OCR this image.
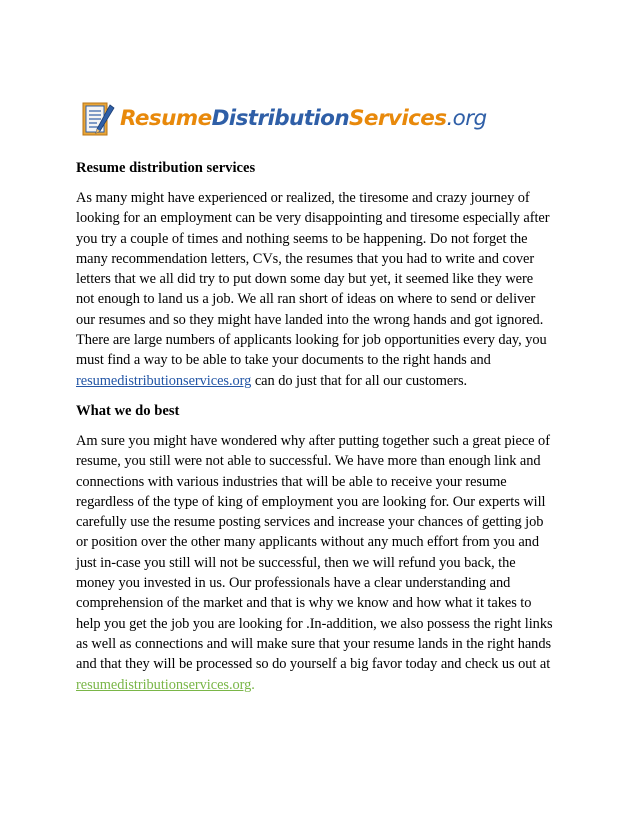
ResumeDistributionServices.org
Resume distribution services
As many might have experienced or realized, the tiresome and crazy journey of
looking for an employment can be very disappointing and tiresome especially after
you try a couple of times and nothing seems to be happening. Do not forget the
many recommendation letters, CVs, the resumes that you had to write and cover
letters that we all did try to put down some day but yet, it seemed like they were
not enough to land us a job. We all ran short of ideas on where to send or deliver
our resumes and so they might have landed into the wrong hands and got ignored.
There are large numbers of applicants looking for job opportunities every day, you
must find a way to be able to take your documents to the right hands and
resumedistributionservices.org can do just that for all our customers.
What we do best
Am sure you might have wondered why after putting together such a great piece of
resume, you still were not able to successful. We have more than enough link and
connections with various industries that will be able to receive your resume
regardless of the type of king of employment you are looking for. Our experts will
carefully use the resume posting services and increase your chances of getting job
or position over the other many applicants without any much effort from you and
just in-case you still will not be successful, then we will refund you back, the
money you invested in us. Our professionals have a clear understanding and
comprehension of the market and that is why we know and how what it takes to
help you get the job you are looking for .In-addition, we also possess the right links
as well as connections and will make sure that your resume lands in the right hands
and that they will be processed so do yourself a big favor today and check us out at
resumedistributionservices.org.
